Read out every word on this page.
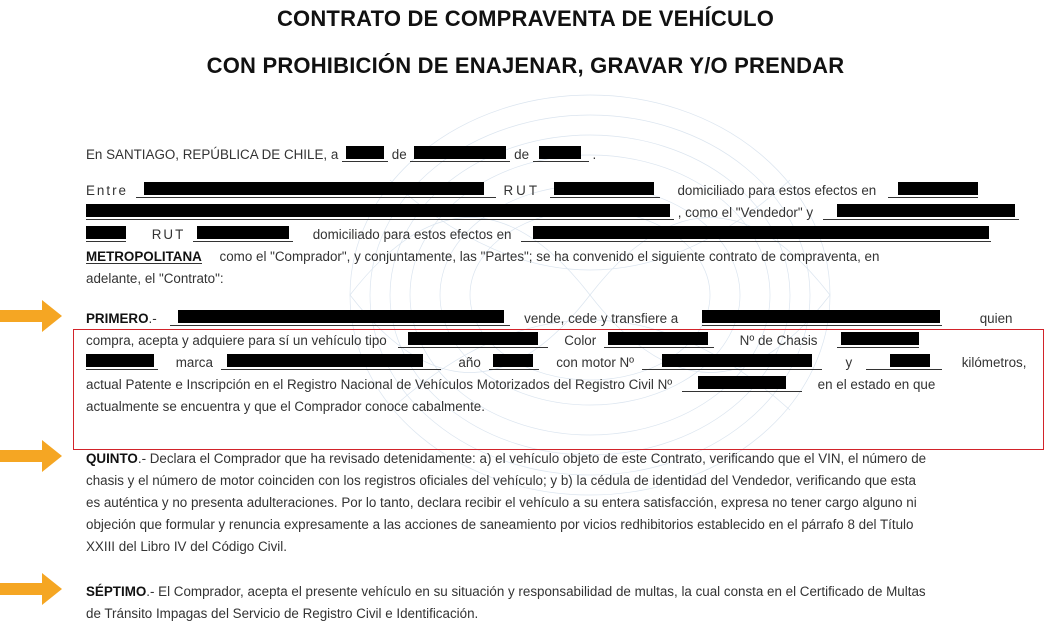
CONTRATO DE COMPRAVENTA DE VEHÍCULO
CON PROHIBICIÓN DE ENAJENAR, GRAVAR Y/O PRENDAR
En SANTIAGO, REPÚBLICA DE CHILE, a	de	de	.
Entre	RUT	domiciliado para estos efectos en
, como el "Vendedor" y
RUT	domiciliado para estos efectos en
METROPOLITANA como el "Comprador", y conjuntamente, las "Partes"; se ha convenido el siguiente contrato de compraventa, en
adelante, el "Contrato":
PRIMERO.-	vende, cede y transfiere a	quien
compra, acepta y adquiere para sí un vehículo tipo	Color	Nº de Chasis
marca	año	con motor Nº	y	kilómetros,
actual Patente e Inscripción en el Registro Nacional de Vehículos Motorizados del Registro Civil Nº	en el estado en que
actualmente se encuentra y que el Comprador conoce cabalmente.
QUINTO.- Declara el Comprador que ha revisado detenidamente: a) el vehículo objeto de este Contrato, verificando que el VIN, el número de
chasis y el número de motor coinciden con los registros oficiales del vehículo; y b) la cédula de identidad del Vendedor, verificando que esta
es auténtica y no presenta adulteraciones. Por lo tanto, declara recibir el vehículo a su entera satisfacción, expresa no tener cargo alguno ni
objeción que formular y renuncia expresamente a las acciones de saneamiento por vicios redhibitorios establecido en el párrafo 8 del Título
XXIII del Libro IV del Código Civil.
SÉPTIMO.- El Comprador, acepta el presente vehículo en su situación y responsabilidad de multas, la cual consta en el Certificado de Multas
de Tránsito Impagas del Servicio de Registro Civil e Identificación.
